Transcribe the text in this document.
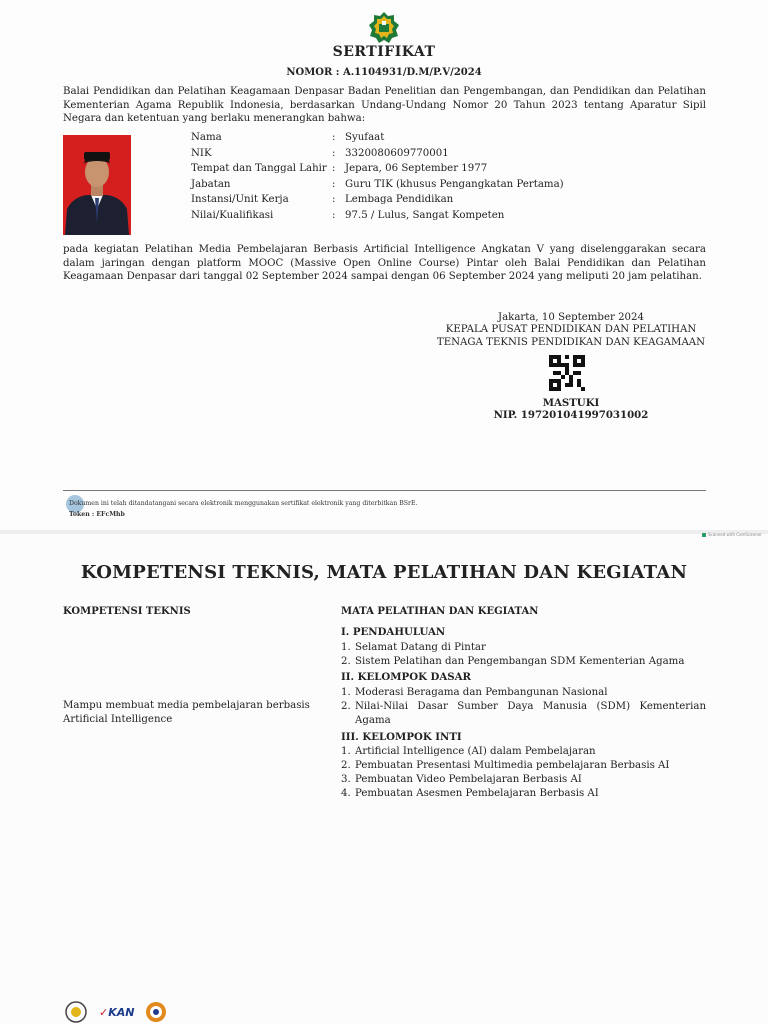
SERTIFIKAT
NOMOR : A.1104931/D.M/P.V/2024

Balai Pendidikan dan Pelatihan Keagamaan Denpasar Badan Penelitian dan Pengembangan, dan Pendidikan dan Pelatihan Kementerian Agama Republik Indonesia, berdasarkan Undang-Undang Nomor 20 Tahun 2023 tentang Aparatur Sipil Negara dan ketentuan yang berlaku menerangkan bahwa:

Nama	:	Syufaat
NIK	:	3320080609770001
Tempat dan Tanggal Lahir	:	Jepara, 06 September 1977
Jabatan	:	Guru TIK (khusus Pengangkatan Pertama)
Instansi/Unit Kerja	:	Lembaga Pendidikan
Nilai/Kualifikasi	:	97.5 / Lulus, Sangat Kompeten

pada kegiatan Pelatihan Media Pembelajaran Berbasis Artificial Intelligence Angkatan V yang diselenggarakan secara dalam jaringan dengan platform MOOC (Massive Open Online Course) Pintar oleh Balai Pendidikan dan Pelatihan Keagamaan Denpasar dari tanggal 02 September 2024 sampai dengan 06 September 2024 yang meliputi 20 jam pelatihan.

Jakarta, 10 September 2024
KEPALA PUSAT PENDIDIKAN DAN PELATIHAN
TENAGA TEKNIS PENDIDIKAN DAN KEAGAMAAN
MASTUKI
NIP. 197201041997031002
Dokumen ini telah ditandatangani secara elektronik menggunakan sertifikat elektronik yang diterbitkan BSrE.
Token : EFcMhb
Scanned with CamScanner
KOMPETENSI TEKNIS, MATA PELATIHAN DAN KEGIATAN
KOMPETENSI TEKNIS	MATA PELATIHAN DAN KEGIATAN

Mampu membuat media pembelajaran berbasis Artificial Intelligence

I. PENDAHULUAN
1. Selamat Datang di Pintar
2. Sistem Pelatihan dan Pengembangan SDM Kementerian Agama
II. KELOMPOK DASAR
1. Moderasi Beragama dan Pembangunan Nasional
2. Nilai-Nilai Dasar Sumber Daya Manusia (SDM) Kementerian Agama
III. KELOMPOK INTI
1. Artificial Intelligence (AI) dalam Pembelajaran
2. Pembuatan Presentasi Multimedia pembelajaran Berbasis AI
3. Pembuatan Video Pembelajaran Berbasis AI
4. Pembuatan Asesmen Pembelajaran Berbasis AI
✓KAN
